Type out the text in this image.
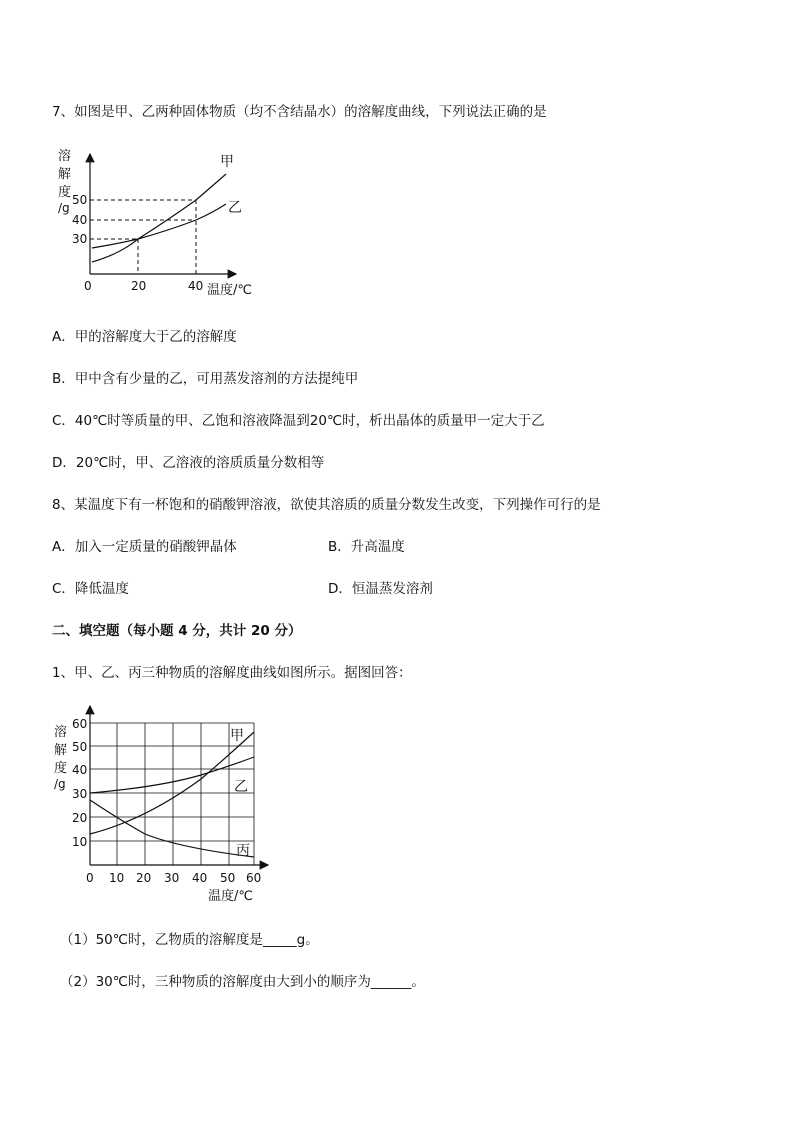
7、如图是甲、乙两种固体物质（均不含结晶水）的溶解度曲线，下列说法正确的是
溶
解
度
/g
50
40
30
0	20	40 温度/℃
甲
乙
A．甲的溶解度大于乙的溶解度
B．甲中含有少量的乙，可用蒸发溶剂的方法提纯甲
C．40℃时等质量的甲、乙饱和溶液降温到20℃时，析出晶体的质量甲一定大于乙
D．20℃时，甲、乙溶液的溶质质量分数相等
8、某温度下有一杯饱和的硝酸钾溶液，欲使其溶质的质量分数发生改变，下列操作可行的是
A．加入一定质量的硝酸钾晶体	B．升高温度
C．降低温度	D．恒温蒸发溶剂
二、填空题（每小题 4 分，共计 20 分）
1、甲、乙、丙三种物质的溶解度曲线如图所示。据图回答：
溶
解
度
/g
60
50
40
30
20
10
0 10 20 30 40 50 60
温度/℃
甲
乙
丙
（1）50℃时，乙物质的溶解度是_____g。
（2）30℃时，三种物质的溶解度由大到小的顺序为______。
